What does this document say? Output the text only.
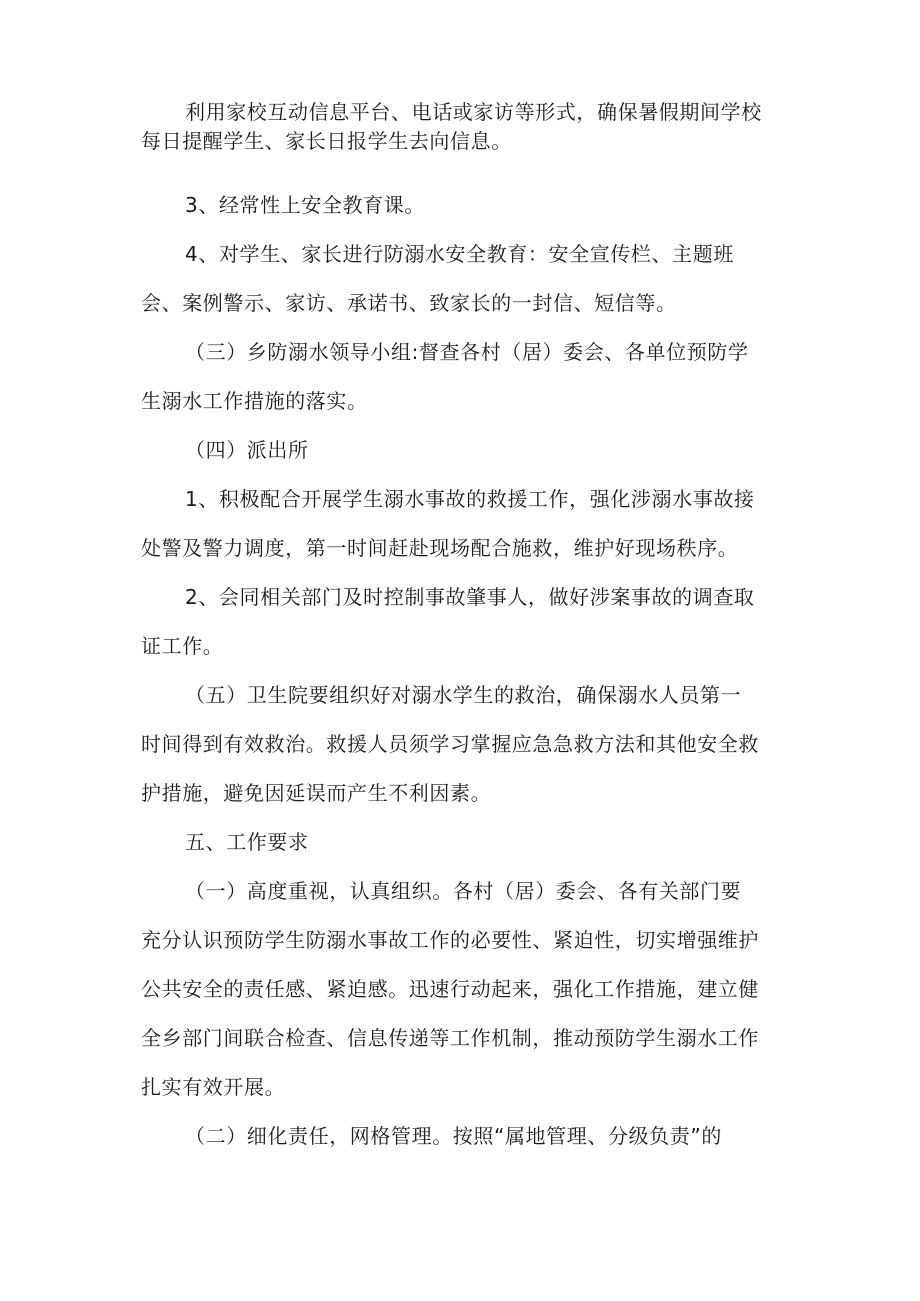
利用家校互动信息平台、电话或家访等形式，确保暑假期间学校

每日提醒学生、家长日报学生去向信息。

3、经常性上安全教育课。

4、对学生、家长进行防溺水安全教育：安全宣传栏、主题班

会、案例警示、家访、承诺书、致家长的一封信、短信等。

（三）乡防溺水领导小组:督查各村（居）委会、各单位预防学

生溺水工作措施的落实。

（四）派出所

1、积极配合开展学生溺水事故的救援工作，强化涉溺水事故接

处警及警力调度，第一时间赶赴现场配合施救，维护好现场秩序。

2、会同相关部门及时控制事故肇事人，做好涉案事故的调查取

证工作。

（五）卫生院要组织好对溺水学生的救治，确保溺水人员第一

时间得到有效救治。救援人员须学习掌握应急急救方法和其他安全救

护措施，避免因延误而产生不利因素。

五、工作要求

（一）高度重视，认真组织。各村（居）委会、各有关部门要

充分认识预防学生防溺水事故工作的必要性、紧迫性，切实增强维护

公共安全的责任感、紧迫感。迅速行动起来，强化工作措施，建立健

全乡部门间联合检查、信息传递等工作机制，推动预防学生溺水工作

扎实有效开展。

（二）细化责任，网格管理。按照“属地管理、分级负责”的
